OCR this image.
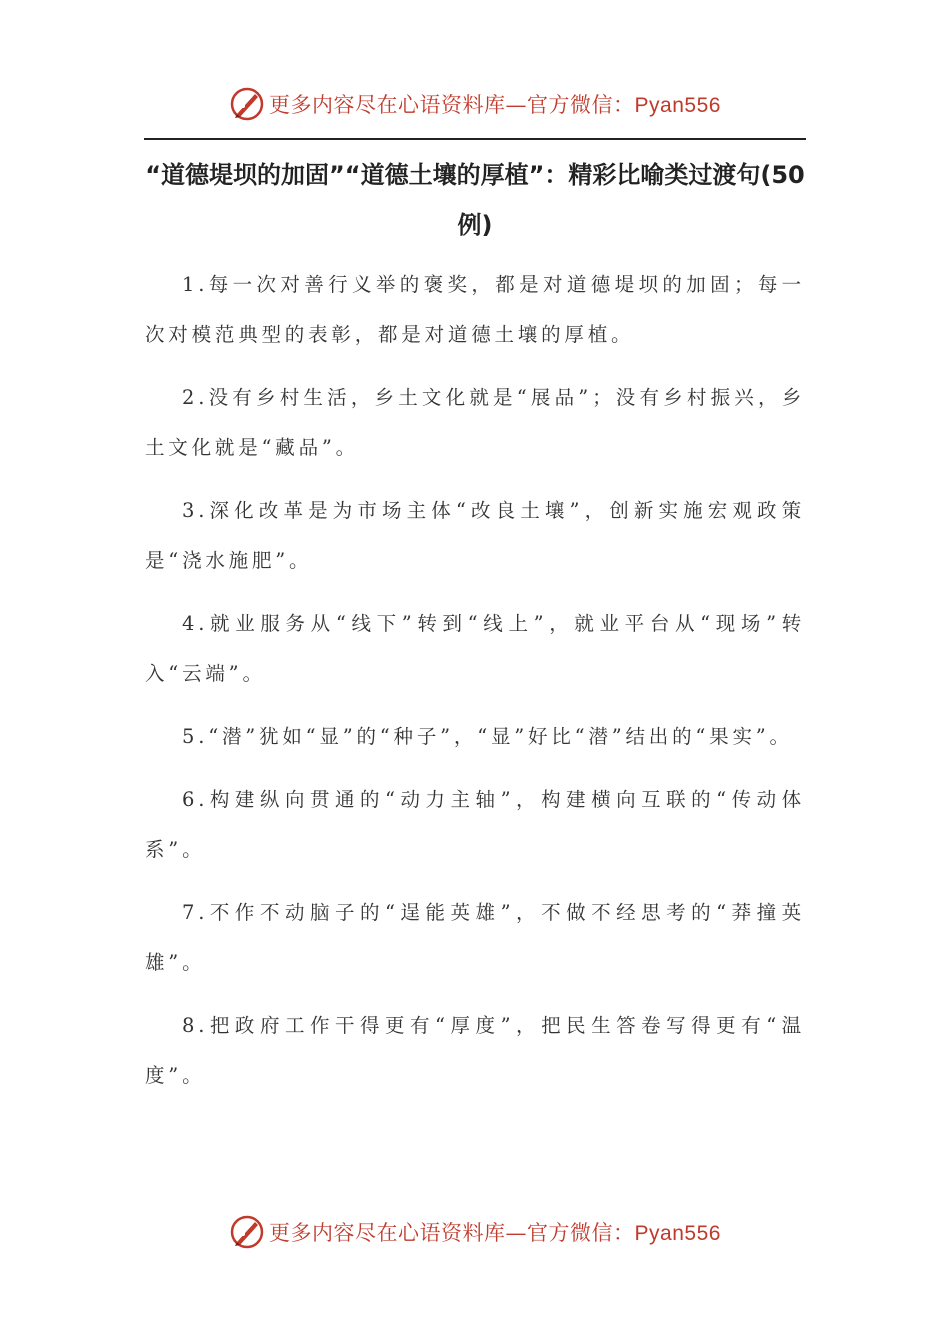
更多内容尽在心语资料库—官方微信：Pyan556
“道德堤坝的加固”“道德土壤的厚植”：精彩比喻类过渡句(50例)

1.每一次对善行义举的褒奖，都是对道德堤坝的加固；每一次对模范典型的表彰，都是对道德土壤的厚植。

2.没有乡村生活，乡土文化就是“展品”；没有乡村振兴，乡土文化就是“藏品”。

3.深化改革是为市场主体“改良土壤”，创新实施宏观政策是“浇水施肥”。

4.就业服务从“线下”转到“线上”，就业平台从“现场”转入“云端”。

5.“潜”犹如“显”的“种子”，“显”好比“潜”结出的“果实”。

6.构建纵向贯通的“动力主轴”，构建横向互联的“传动体系”。

7.不作不动脑子的“逞能英雄”，不做不经思考的“莽撞英雄”。

8.把政府工作干得更有“厚度”，把民生答卷写得更有“温度”。

更多内容尽在心语资料库—官方微信：Pyan556
